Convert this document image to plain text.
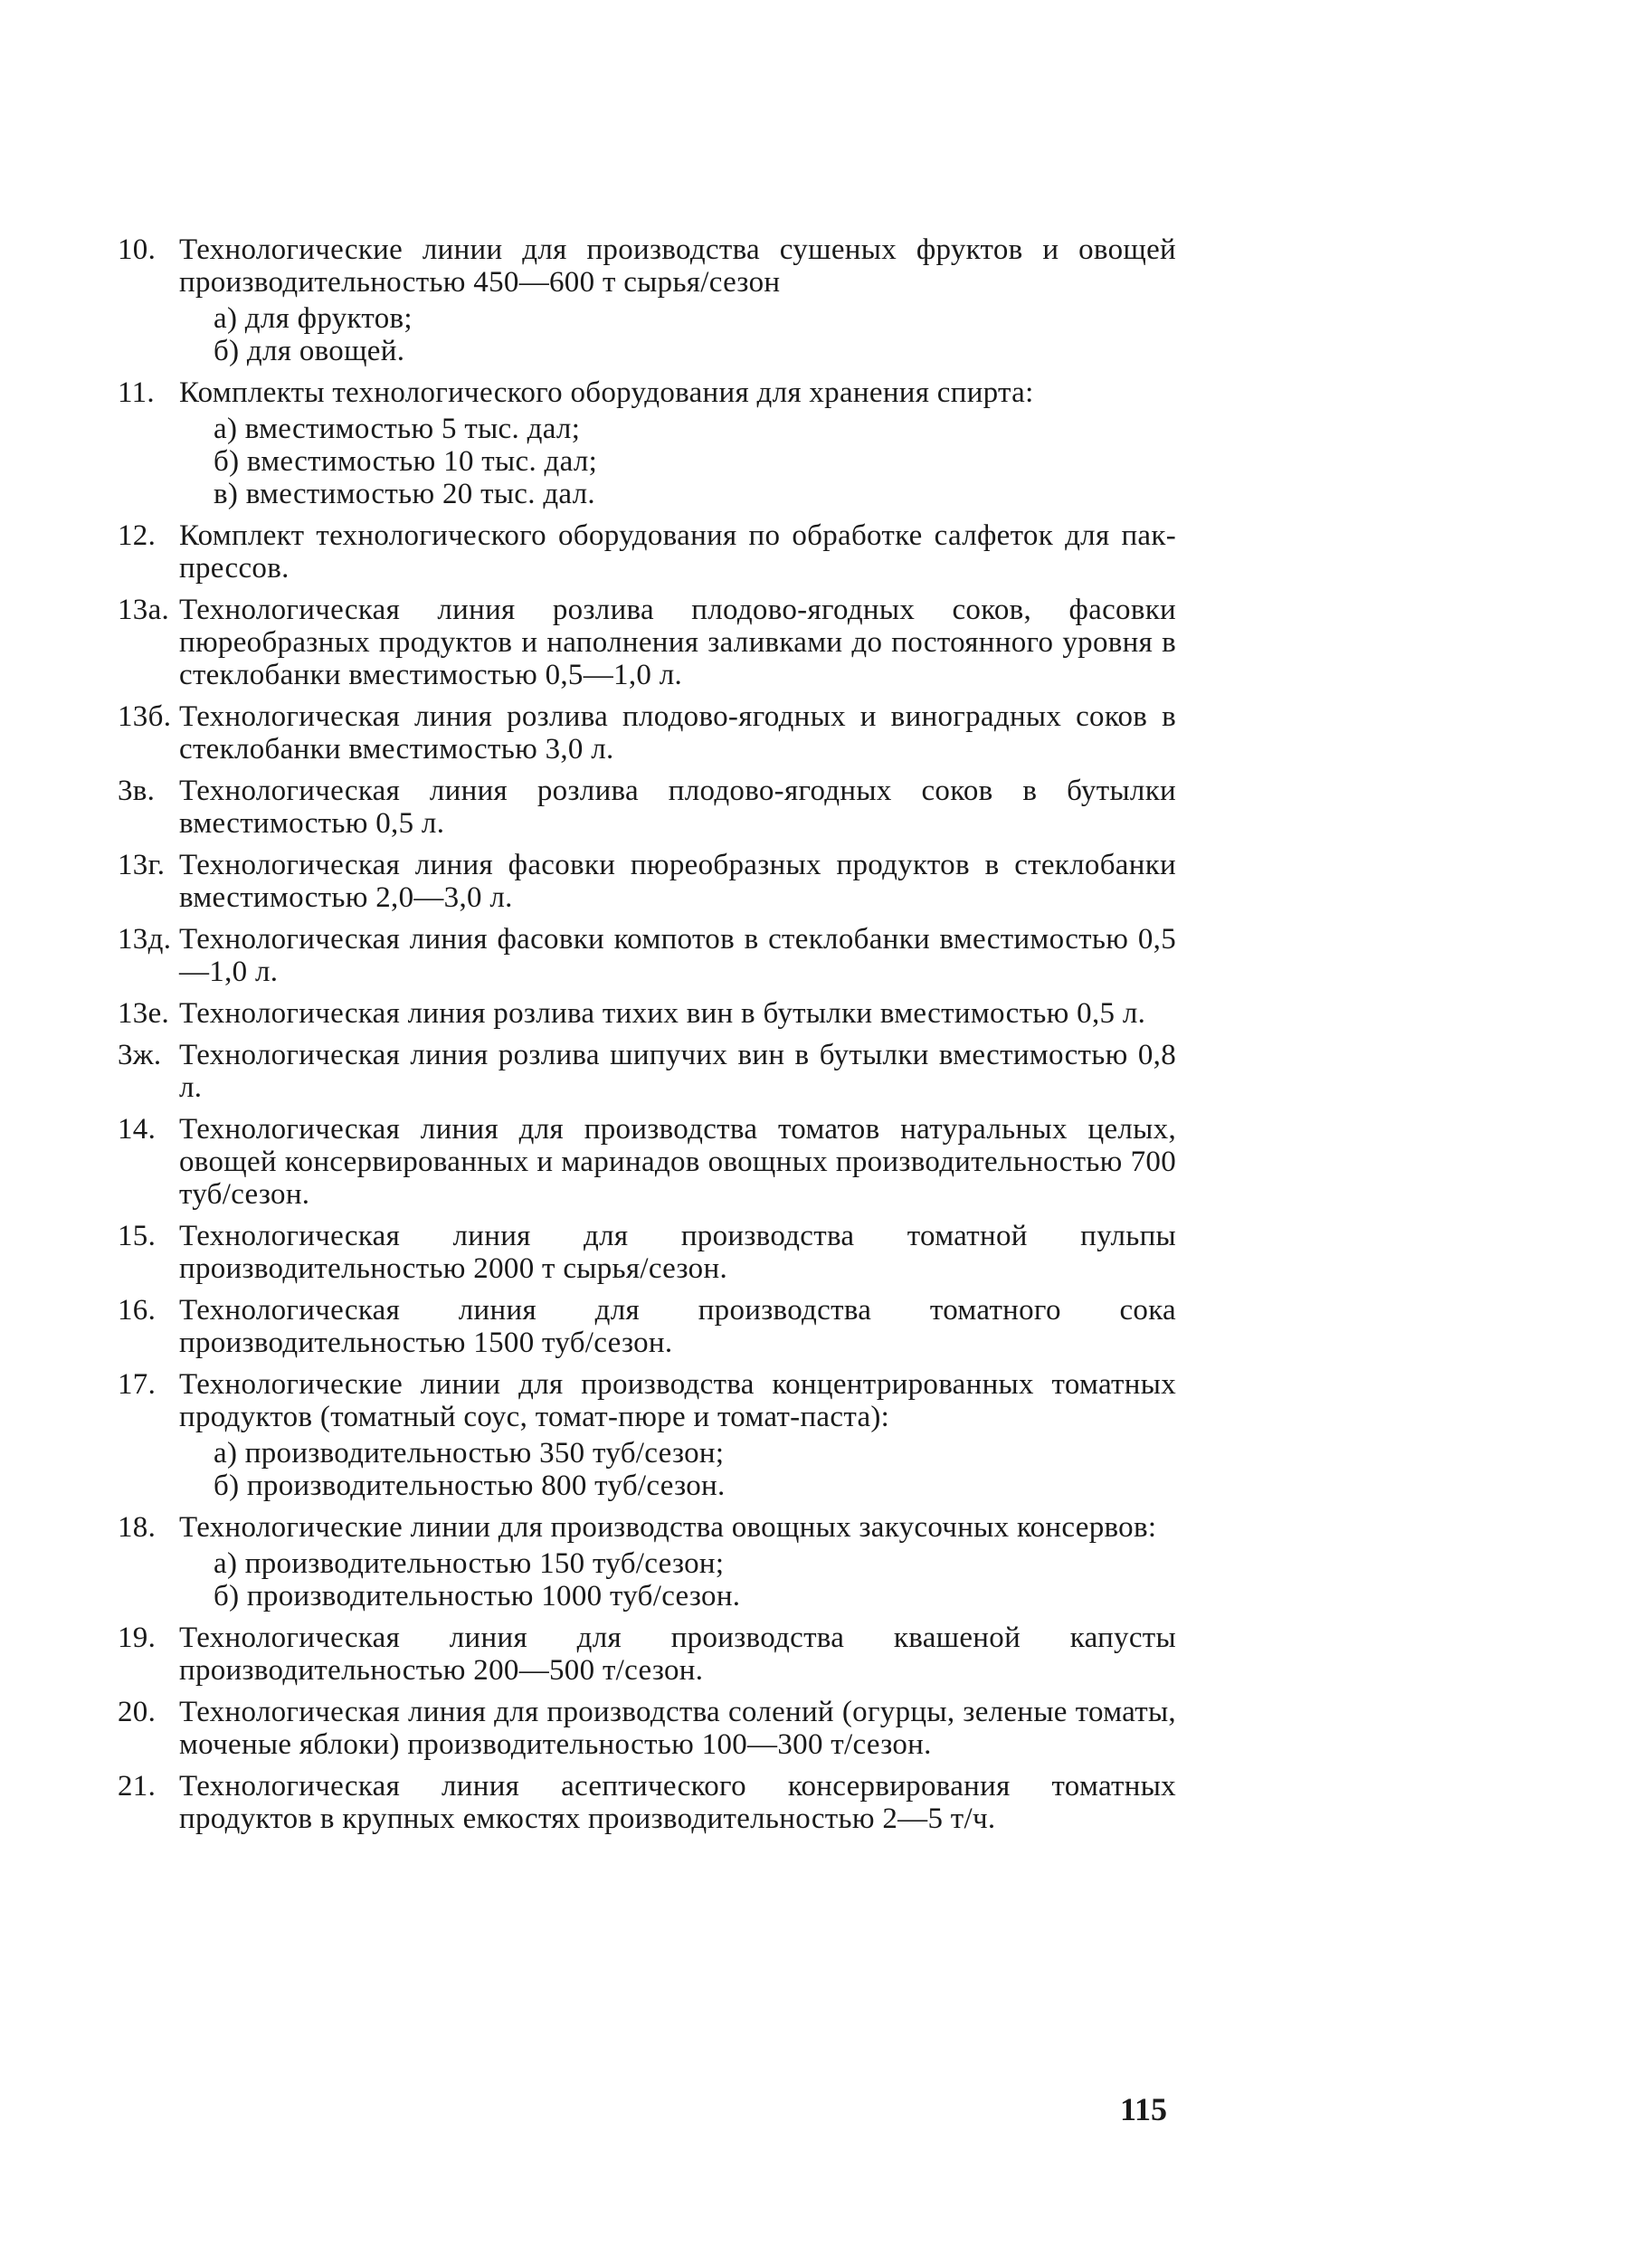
10. Технологические линии для производства сушеных фруктов и овощей производительностью 450—600 т сырья/сезон
а) для фруктов;
б) для овощей.
11. Комплекты технологического оборудования для хранения спирта:
а) вместимостью 5 тыс. дал;
б) вместимостью 10 тыс. дал;
в) вместимостью 20 тыс. дал.
12. Комплект технологического оборудования по обработке салфеток для пак-прессов.
13а. Технологическая линия розлива плодово-ягодных соков, фасовки пюреобразных продуктов и наполнения заливками до постоянного уровня в стеклобанки вместимостью 0,5—1,0 л.
13б. Технологическая линия розлива плодово-ягодных и виноградных соков в стеклобанки вместимостью 3,0 л.
3в. Технологическая линия розлива плодово-ягодных соков в бутылки вместимостью 0,5 л.
13г. Технологическая линия фасовки пюреобразных продуктов в стеклобанки вместимостью 2,0—3,0 л.
13д. Технологическая линия фасовки компотов в стеклобанки вместимостью 0,5—1,0 л.
13е. Технологическая линия розлива тихих вин в бутылки вместимостью 0,5 л.
3ж. Технологическая линия розлива шипучих вин в бутылки вместимостью 0,8 л.
14. Технологическая линия для производства томатов натуральных целых, овощей консервированных и маринадов овощных производительностью 700 туб/сезон.
15. Технологическая линия для производства томатной пульпы производительностью 2000 т сырья/сезон.
16. Технологическая линия для производства томатного сока производительностью 1500 туб/сезон.
17. Технологические линии для производства концентрированных томатных продуктов (томатный соус, томат-пюре и томат-паста):
а) производительностью 350 туб/сезон;
б) производительностью 800 туб/сезон.
18. Технологические линии для производства овощных закусочных консервов:
а) производительностью 150 туб/сезон;
б) производительностью 1000 туб/сезон.
19. Технологическая линия для производства квашеной капусты производительностью 200—500 т/сезон.
20. Технологическая линия для производства солений (огурцы, зеленые томаты, моченые яблоки) производительностью 100—300 т/сезон.
21. Технологическая линия асептического консервирования томатных продуктов в крупных емкостях производительностью 2—5 т/ч.
115
